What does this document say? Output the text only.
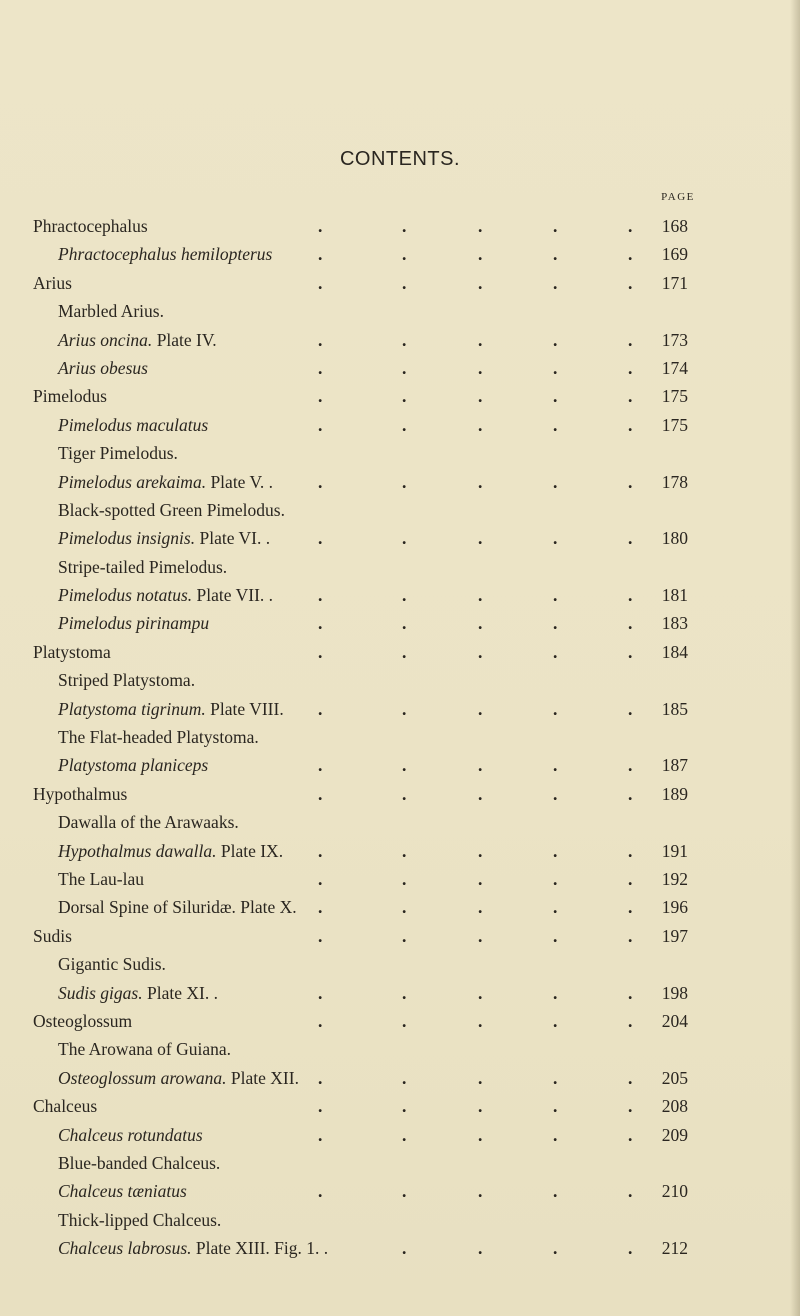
CONTENTS.
PAGE
Phractocephalus	.	.	.	.	.	168
Phractocephalus hemilopterus	.	.	.	.	.	169
Arius	.	.	.	.	.	171
Marbled Arius.
Arius oncina. Plate IV.	.	.	.	.	.	173
Arius obesus	.	.	.	.	.	174
Pimelodus	.	.	.	.	.	175
Pimelodus maculatus	.	.	.	.	.	175
Tiger Pimelodus.
Pimelodus arekaima. Plate V. .	.	.	.	.	.	178
Black-spotted Green Pimelodus.
Pimelodus insignis. Plate VI. .	.	.	.	.	.	180
Stripe-tailed Pimelodus.
Pimelodus notatus. Plate VII. .	.	.	.	.	.	181
Pimelodus pirinampu	.	.	.	.	.	183
Platystoma	.	.	.	.	.	184
Striped Platystoma.
Platystoma tigrinum. Plate VIII. .	.	.	.	.	185
The Flat-headed Platystoma.
Platystoma planiceps	.	.	.	.	.	187
Hypothalmus	.	.	.	.	.	189
Dawalla of the Arawaaks.
Hypothalmus dawalla. Plate IX. .	.	.	.	.	191
The Lau-lau	.	.	.	.	.	192
Dorsal Spine of Siluridæ. Plate X. .	.	.	.	.	196
Sudis	.	.	.	.	.	197
Gigantic Sudis.
Sudis gigas. Plate XI. .	.	.	.	.	.	198
Osteoglossum	.	.	.	.	.	204
The Arowana of Guiana.
Osteoglossum arowana. Plate XII. .	.	.	.	.	205
Chalceus	.	.	.	.	.	208
Chalceus rotundatus	.	.	.	.	.	209
Blue-banded Chalceus.
Chalceus tæniatus	.	.	.	.	.	210
Thick-lipped Chalceus.
Chalceus labrosus. Plate XIII. Fig. 1. .	.	.	.	.	212
